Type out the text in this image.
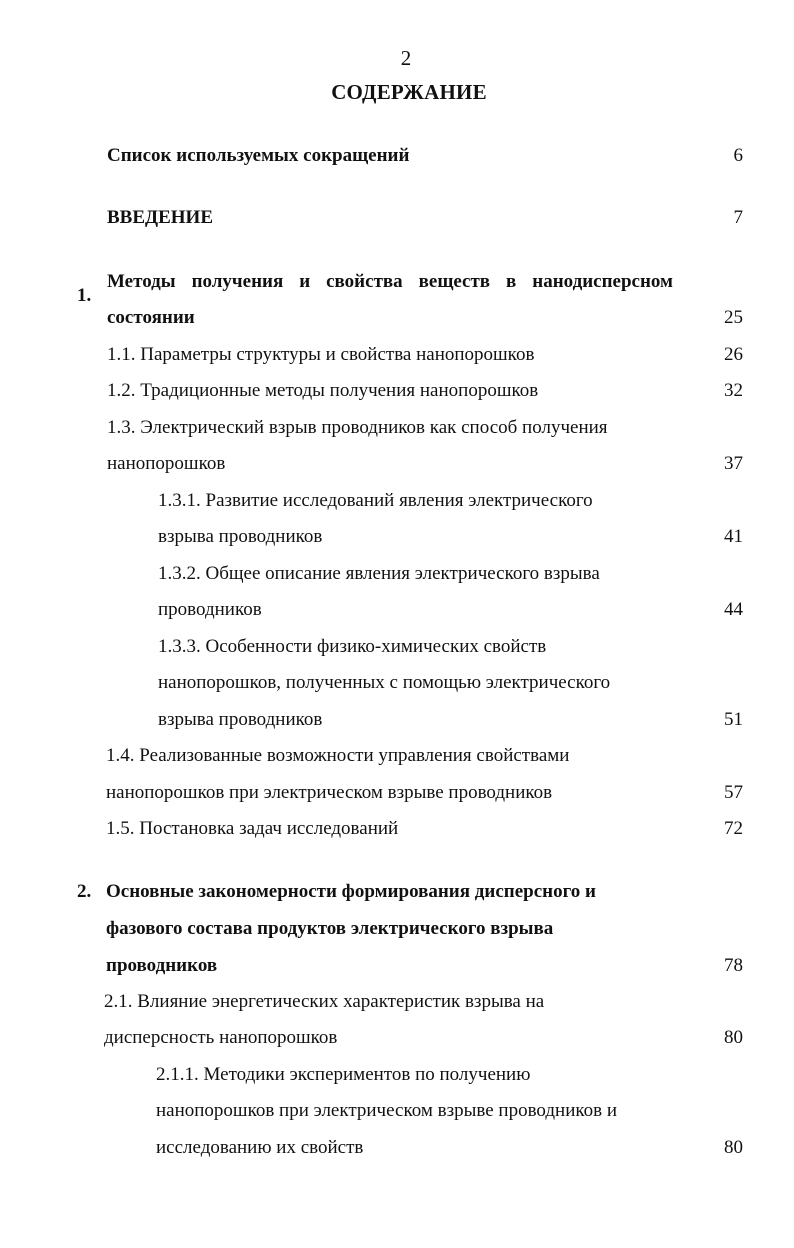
2
СОДЕРЖАНИЕ
Список используемых сокращений	6
ВВЕДЕНИЕ	7
1.
Методы получения и свойства веществ в нанодисперсном
состоянии	25
1.1. Параметры структуры и свойства нанопорошков	26
1.2. Традиционные методы получения нанопорошков	32
1.3. Электрический взрыв проводников как способ получения
нанопорошков	37
1.3.1. Развитие исследований явления электрического
взрыва проводников	41
1.3.2. Общее описание явления электрического взрыва
проводников	44
1.3.3. Особенности физико-химических свойств
нанопорошков, полученных с помощью электрического
взрыва проводников	51
1.4. Реализованные возможности управления свойствами
нанопорошков при электрическом взрыве проводников	57
1.5. Постановка задач исследований	72
2. Основные закономерности формирования дисперсного и
фазового состава продуктов электрического взрыва
проводников	78
2.1. Влияние энергетических характеристик взрыва на
дисперсность нанопорошков	80
2.1.1. Методики экспериментов по получению
нанопорошков при электрическом взрыве проводников и
исследованию их свойств	80
